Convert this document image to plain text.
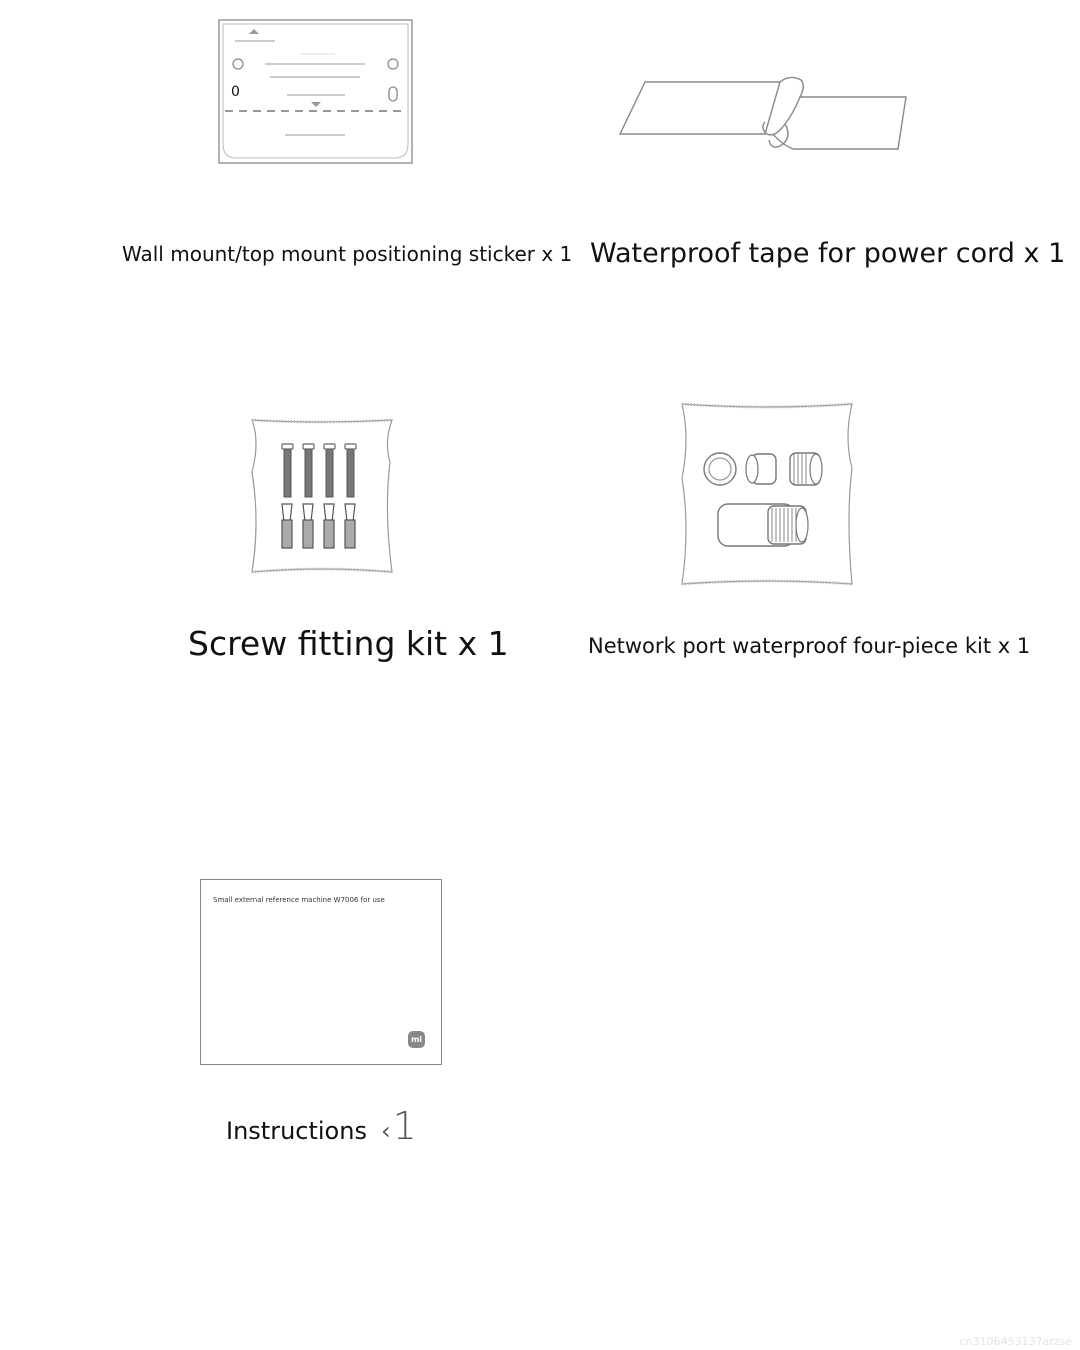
0
Wall mount/top mount positioning sticker x 1 Waterproof tape for power cord x 1
Screw fitting kit x 1	Network port waterproof four-piece kit x 1
Small external reference machine W7006 for use
mi
Instructions ‹1
cn3106453137arzse
